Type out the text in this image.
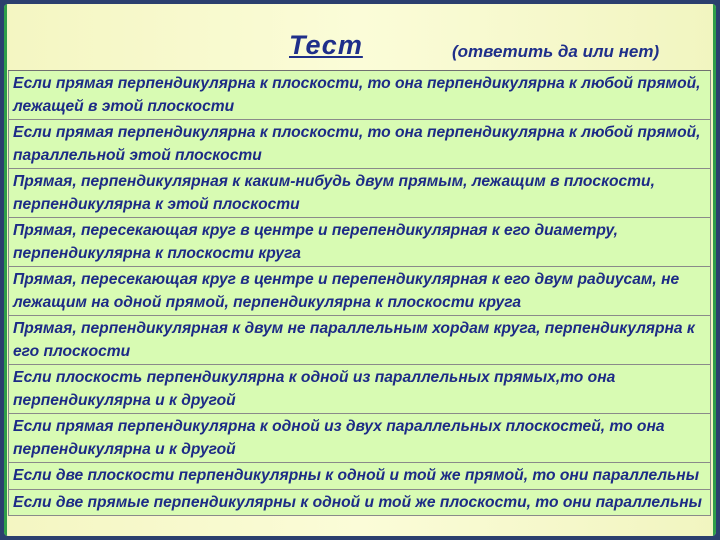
Тест	(ответить да или нет)
Если прямая перпендикулярна к плоскости, то она перпендикулярна к любой прямой, лежащей в этой плоскости
Если прямая перпендикулярна к плоскости, то она перпендикулярна к любой прямой, параллельной этой плоскости
Прямая, перпендикулярная к каким-нибудь двум прямым, лежащим в плоскости, перпендикулярна к этой плоскости
Прямая, пересекающая круг в центре и перепендикулярная к его диаметру, перпендикулярна к плоскости круга
Прямая, пересекающая круг в центре и перепендикулярная к его двум радиусам, не лежащим на одной прямой, перпендикулярна к плоскости круга
Прямая, перпендикулярная к двум не параллельным хордам круга, перпендикулярна к его плоскости
Если плоскость перпендикулярна к одной из параллельных прямых,то она перпендикулярна и к другой
Если прямая перпендикулярна к одной из двух параллельных плоскостей, то она перпендикулярна и к другой
Если две плоскости перпендикулярны к одной и той же прямой, то они параллельны
Если две прямые перпендикулярны к одной и той же плоскости, то они параллельны
